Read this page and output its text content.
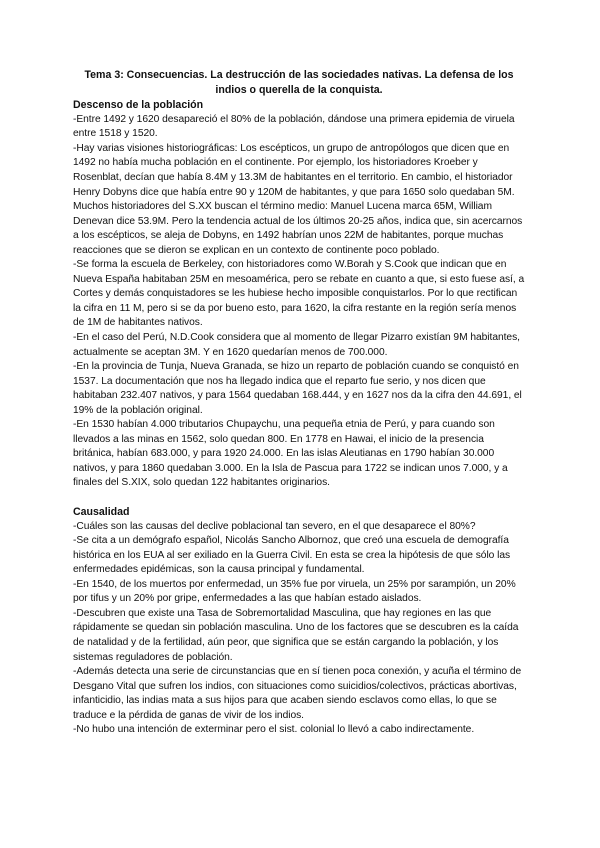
Tema 3: Consecuencias. La destrucción de las sociedades nativas. La defensa de los indios o querella de la conquista.

Descenso de la población

-Entre 1492 y 1620 desapareció el 80% de la población, dándose una primera epidemia de viruela entre 1518 y 1520.

-Hay varias visiones historiográficas: Los escépticos, un grupo de antropólogos que dicen que en 1492 no había mucha población en el continente. Por ejemplo, los historiadores Kroeber y Rosenblat, decían que había 8.4M y 13.3M de habitantes en el territorio. En cambio, el historiador Henry Dobyns dice que había entre 90 y 120M de habitantes, y que para 1650 solo quedaban 5M. Muchos historiadores del S.XX buscan el término medio: Manuel Lucena marca 65M, William Denevan dice 53.9M. Pero la tendencia actual de los últimos 20-25 años, indica que, sin acercarnos a los escépticos, se aleja de Dobyns, en 1492 habrían unos 22M de habitantes, porque muchas reacciones que se dieron se explican en un contexto de continente poco poblado.

-Se forma la escuela de Berkeley, con historiadores como W.Borah y S.Cook que indican que en Nueva España habitaban 25M en mesoamérica, pero se rebate en cuanto a que, si esto fuese así, a Cortes y demás conquistadores se les hubiese hecho imposible conquistarlos. Por lo que rectifican la cifra en 11 M, pero si se da por bueno esto, para 1620, la cifra restante en la región sería menos de 1M de habitantes nativos.

-En el caso del Perú, N.D.Cook considera que al momento de llegar Pizarro existían 9M habitantes, actualmente se aceptan 3M. Y en 1620 quedarían menos de 700.000.

-En la provincia de Tunja, Nueva Granada, se hizo un reparto de población cuando se conquistó en 1537. La documentación que nos ha llegado indica que el reparto fue serio, y nos dicen que habitaban 232.407 nativos, y para 1564 quedaban 168.444, y en 1627 nos da la cifra den 44.691, el 19% de la población original.

-En 1530 habían 4.000 tributarios Chupaychu, una pequeña etnia de Perú, y para cuando son llevados a las minas en 1562, solo quedan 800. En 1778 en Hawai, el inicio de la presencia británica, habían 683.000, y para 1920 24.000. En las islas Aleutianas en 1790 habían 30.000 nativos, y para 1860 quedaban 3.000. En la Isla de Pascua para 1722 se indican unos 7.000, y a finales del S.XIX, solo quedan 122 habitantes originarios.

Causalidad

-Cuáles son las causas del declive poblacional tan severo, en el que desaparece el 80%?

-Se cita a un demógrafo español, Nicolás Sancho Albornoz, que creó una escuela de demografía histórica en los EUA al ser exiliado en la Guerra Civil. En esta se crea la hipótesis de que sólo las enfermedades epidémicas, son la causa principal y fundamental.

-En 1540, de los muertos por enfermedad, un 35% fue por viruela, un 25% por sarampión, un 20% por tifus y un 20% por gripe, enfermedades a las que habían estado aislados.

-Descubren que existe una Tasa de Sobremortalidad Masculina, que hay regiones en las que rápidamente se quedan sin población masculina. Uno de los factores que se descubren es la caída de natalidad y de la fertilidad, aún peor, que significa que se están cargando la población, y los sistemas reguladores de población.

-Además detecta una serie de circunstancias que en sí tienen poca conexión, y acuña el término de Desgano Vital que sufren los indios, con situaciones como suicidios/colectivos, prácticas abortivas, infanticidio, las indias mata a sus hijos para que acaben siendo esclavos como ellas, lo que se traduce e la pérdida de ganas de vivir de los indios.

-No hubo una intención de exterminar pero el sist. colonial lo llevó a cabo indirectamente.
